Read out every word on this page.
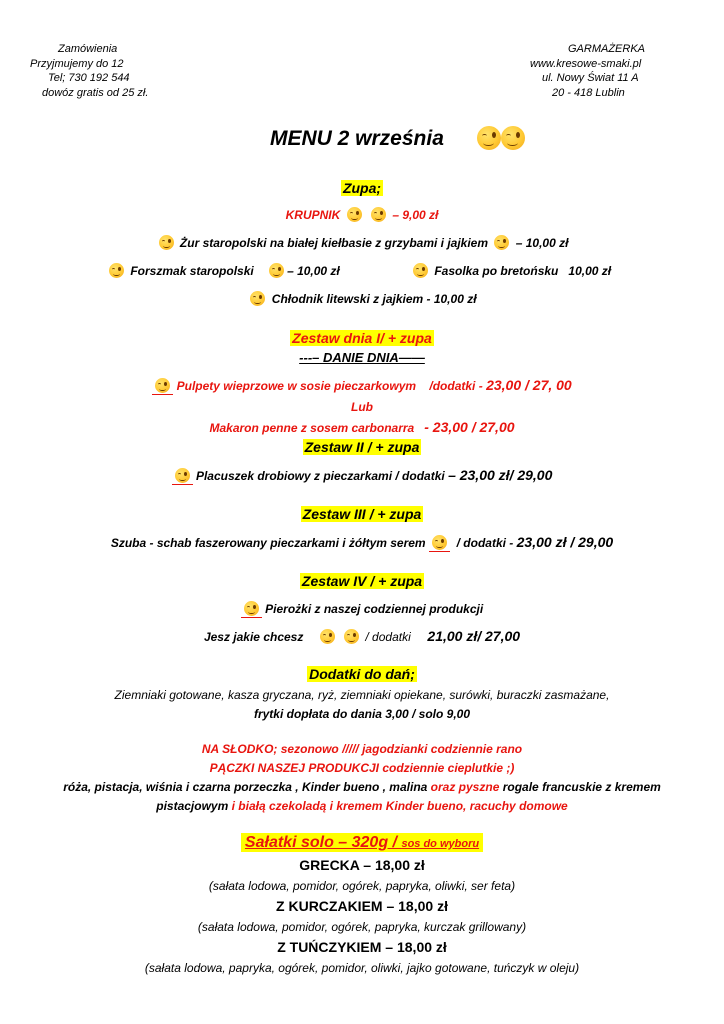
Zamówienia
Przyjmujemy do 12
Tel; 730 192 544
dowóz gratis od 25 zł.
GARMAŻERKA
www.kresowe-smaki.pl
ul. Nowy Świat 11 A
20 - 418 Lublin
MENU 2 września
Zupa;
KRUPNIK
	– 9,00 zł
Żur staropolski na białej kiełbasie z grzybami i jajkiem – 10,00 zł
Forszmak staropolski	– 10,00 zł	Fasolka po bretońsku 10,00 zł
Chłodnik litewski z jajkiem - 10,00 zł
Zestaw dnia I/ + zupa
---– DANIE DNIA——
Pulpety wieprzowe w sosie pieczarkowym /dodatki - 23,00 / 27, 00
Lub
Makaron penne z sosem carbonarra - 23,00 / 27,00
Zestaw II / + zupa
Placuszek drobiowy z pieczarkami / dodatki – 23,00 zł/ 29,00
Zestaw III / + zupa
Szuba - schab faszerowany pieczarkami i żółtym serem	/ dodatki - 23,00 zł / 29,00
Zestaw IV / + zupa
Pierożki z naszej codziennej produkcji
Jesz jakie chcesz
	/ dodatki 21,00 zł/ 27,00
Dodatki do dań;
Ziemniaki gotowane, kasza gryczana, ryż, ziemniaki opiekane, surówki, buraczki zasmażane,
frytki dopłata do dania 3,00 / solo 9,00
NA SŁODKO; sezonowo ///// jagodzianki codziennie rano
PĄCZKI NASZEJ PRODUKCJI codziennie cieplutkie ;)
róża, pistacja, wiśnia i czarna porzeczka , Kinder bueno , malina oraz pyszne rogale francuskie z kremem
pistacjowym i białą czekoladą i kremem Kinder bueno, racuchy domowe
Sałatki solo – 320g / sos do wyboru
GRECKA – 18,00 zł
(sałata lodowa, pomidor, ogórek, papryka, oliwki, ser feta)
Z KURCZAKIEM – 18,00 zł
(sałata lodowa, pomidor, ogórek, papryka, kurczak grillowany)
Z TUŃCZYKIEM – 18,00 zł
(sałata lodowa, papryka, ogórek, pomidor, oliwki, jajko gotowane, tuńczyk w oleju)
